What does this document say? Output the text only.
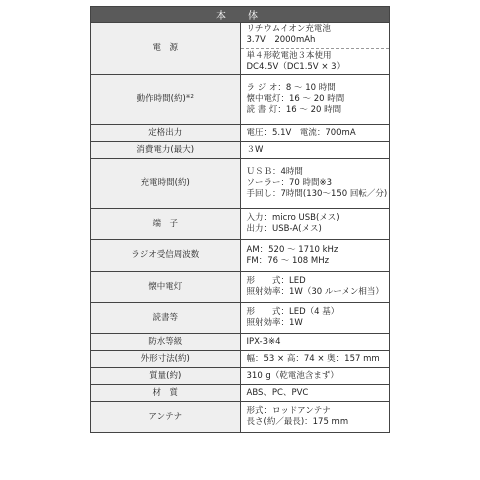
本　体	
電　源	リチウムイオン充電池
3.7V　2000mAh
単４形乾電池３本使用
DC4.5V（DC1.5V × 3）

動作時間(約)$^{※2}$	ラ ジ オ：8 ～ 10 時間
懐中電灯：16 ～ 20 時間
読 書 灯：16 ～ 20 時間

定格出力	電圧：5.1V　電流：700mA

消費電力(最大)	３W

充電時間(約)	ＵＳＢ：4時間
ソーラー：70 時間※3
手回し：7時間(130～150 回転／分)

端　子	入力：micro USB(メス)
出力：USB-A(メス)

ラジオ受信周波数	AM：520 ～ 1710 kHz
FM：76 ～ 108 MHz

懐中電灯	形　　式：LED
照射効率：1W（30 ルーメン相当）

読書等	形　　式：LED（4 基）
照射効率：1W

防水等級	IPX-3※4

外形寸法(約)	幅：53 × 高：74 × 奥：157 mm

質量(約)	310 g（乾電池含まず）

材　質	ABS、PC、PVC

アンテナ	形式：ロッドアンテナ
長さ(約／最長)：175 mm
